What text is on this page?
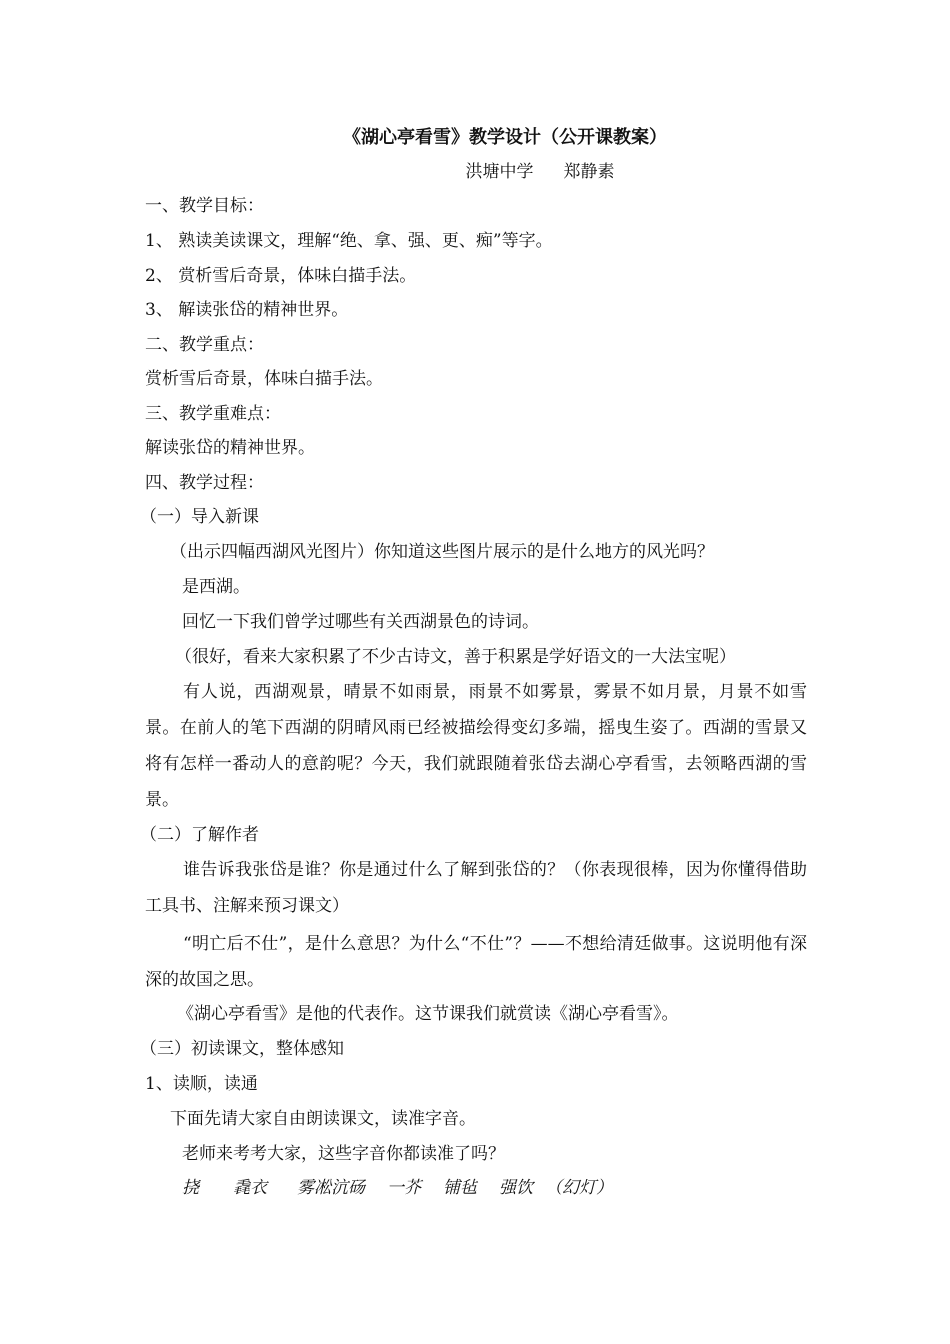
《湖心亭看雪》教学设计（公开课教案）
洪塘中学 郑静素
一、教学目标：
1、 熟读美读课文，理解“绝、拿、强、更、痴”等字。
2、 赏析雪后奇景，体味白描手法。
3、 解读张岱的精神世界。
二、教学重点：
赏析雪后奇景，体味白描手法。
三、教学重难点：
解读张岱的精神世界。
四、教学过程：
（一）导入新课
（出示四幅西湖风光图片）你知道这些图片展示的是什么地方的风光吗？
是西湖。
回忆一下我们曾学过哪些有关西湖景色的诗词。
（很好，看来大家积累了不少古诗文，善于积累是学好语文的一大法宝呢）
有人说，西湖观景，晴景不如雨景，雨景不如雾景，雾景不如月景，月景不如雪景。在前人的笔下西湖的阴晴风雨已经被描绘得变幻多端，摇曳生姿了。西湖的雪景又将有怎样一番动人的意韵呢？今天，我们就跟随着张岱去湖心亭看雪，去领略西湖的雪景。
（二）了解作者
谁告诉我张岱是谁？你是通过什么了解到张岱的？（你表现很棒，因为你懂得借助工具书、注解来预习课文）
“明亡后不仕”，是什么意思？为什么“不仕”？——不想给清廷做事。这说明他有深深的故国之思。
《湖心亭看雪》是他的代表作。这节课我们就赏读《湖心亭看雪》。
（三）初读课文，整体感知
1、读顺，读通
下面先请大家自由朗读课文，读准字音。
老师来考考大家，这些字音你都读准了吗？
挠 毳衣 雾凇沆砀 一芥 铺毡 强饮 （幻灯）
